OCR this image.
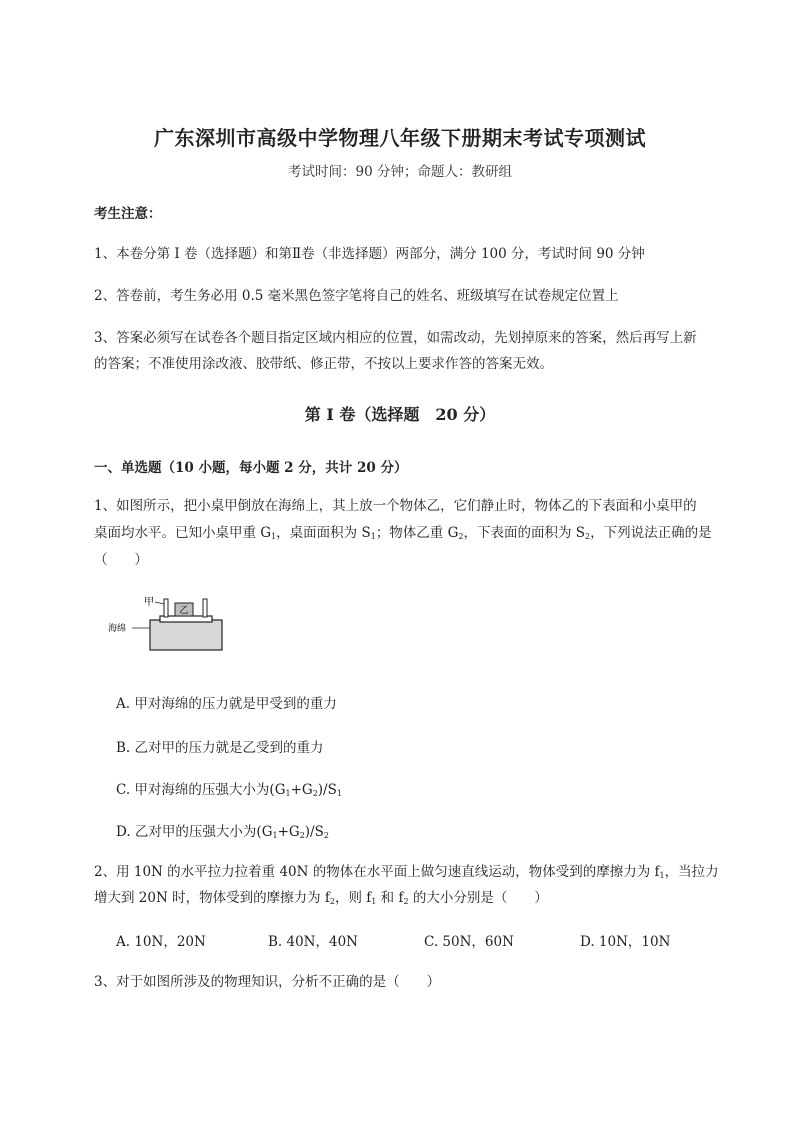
广东深圳市高级中学物理八年级下册期末考试专项测试
考试时间：90 分钟；命题人：教研组
考生注意：
1、本卷分第 I 卷（选择题）和第Ⅱ卷（非选择题）两部分，满分 100 分，考试时间 90 分钟
2、答卷前，考生务必用 0.5 毫米黑色签字笔将自己的姓名、班级填写在试卷规定位置上
3、答案必须写在试卷各个题目指定区域内相应的位置，如需改动，先划掉原来的答案，然后再写上新
的答案；不准使用涂改液、胶带纸、修正带，不按以上要求作答的答案无效。
第 I 卷（选择题　20 分）
一、单选题（10 小题，每小题 2 分，共计 20 分）
1、如图所示，把小桌甲倒放在海绵上，其上放一个物体乙，它们静止时，物体乙的下表面和小桌甲的
桌面均水平。已知小桌甲重 $G_1$，桌面面积为 $S_1$；物体乙重 $G_2$，下表面的面积为 $S_2$，下列说法正确的是
（　　）
乙
甲
海绵
A. 甲对海绵的压力就是甲受到的重力
B. 乙对甲的压力就是乙受到的重力
C. 甲对海绵的压强大小为$(G_1+G_2)/S_1$
D. 乙对甲的压强大小为$(G_1+G_2)/S_2$
2、用 10N 的水平拉力拉着重 40N 的物体在水平面上做匀速直线运动，物体受到的摩擦力为 $f_1$，当拉力
增大到 20N 时，物体受到的摩擦力为 $f_2$，则 $f_1$ 和 $f_2$ 的大小分别是（　　）
A. 10N，20N	B. 40N，40N	C. 50N，60N	D. 10N，10N
3、对于如图所涉及的物理知识，分析不正确的是（　　）
